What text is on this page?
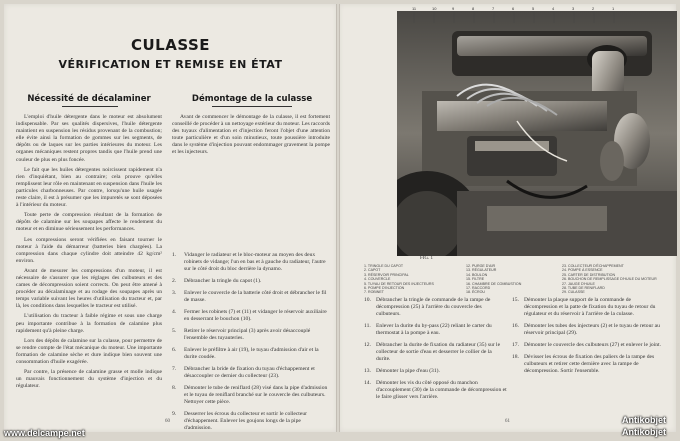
CULASSE
VÉRIFICATION ET REMISE EN ÉTAT
Nécessité de décalaminer	Démontage de la culasse

L'emploi d'huile détergente dans le moteur est absolument indispensable. Par ses qualités dispersives, l'huile détergente maintient en suspension les résidus provenant de la combustion; elle évite ainsi la formation de gommes sur les segments, de dépôts ou de laques sur les parties intérieures du moteur. Les organes mécaniques restent propres tandis que l'huile prend une couleur de plus en plus foncée.

Le fait que les huiles détergentes noircissent rapidement n'a rien d'inquiétant, bien au contraire; cela prouve qu'elles remplissent leur rôle en maintenant en suspension dans l'huile les particules charbonneuses. Par contre, lorsqu'une huile usagée reste claire, il est à présumer que les impuretés se sont déposées à l'intérieur du moteur.

Toute perte de compression résultant de la formation de dépôts de calamine sur les soupapes affecte le rendement du moteur et en diminue sérieusement les performances.

Les compressions seront vérifiées en faisant tourner le moteur à l'aide du démarreur (batteries bien chargées). La compression dans chaque cylindre doit atteindre 42 kg/cm² environ.

Avant de mesurer les compressions d'un moteur, il est nécessaire de s'assurer que les réglages des culbuteurs et des cames de décompression soient corrects. On peut être amené à procéder au décalaminage et au rodage des soupapes après un temps variable suivant les heures d'utilisation du tracteur et, par là, les conditions dans lesquelles le tracteur est utilisé.

L'utilisation du tracteur à faible régime et sous une charge peu importante contribue à la formation de calamine plus rapidement qu'à pleine charge.

Lors des dépôts de calamine sur la culasse, pour permettre de se rendre compte de l'état mécanique du moteur. Une importante formation de calamine sèche et dure indique bien souvent une consommation d'huile exagérée.

Par contre, la présence de calamine grasse et molle indique un mauvais fonctionnement du système d'injection et du régulateur.

Avant de commencer le démontage de la culasse, il est fortement conseillé de procéder à un nettoyage extérieur du moteur. Les raccords des tuyaux d'alimentation et d'injection feront l'objet d'une attention toute particulière et d'un soin minutieux, toute poussière introduite dans le système d'injection pouvant endommager gravement la pompe et les injecteurs.

1.	Vidanger le radiateur et le bloc-moteur au moyen des deux robinets de vidange; l'un en bas et à gauche du radiateur, l'autre sur le côté droit du bloc derrière la dynamo.
2.	Débrancher la tringle du capot (1).
3.	Enlever le couvercle de la batterie côté droit et débrancher le fil de masse.
4.	Fermer les robinets (7) et (11) et vidanger le réservoir auxiliaire en desserrant le bouchon (10).
5.	Retirer le réservoir principal (3) après avoir désaccouplé l'ensemble des tuyauteries.
6.	Enlever le préfiltre à air (19), le tuyau d'admission d'air et la durite coudée.
7.	Débrancher la bride de fixation du tuyau d'échappement et désaccoupler ce dernier du collecteur (23).
8.	Démonter le tube de reniflard (28) visé dans la pipe d'admission et le tuyau de reniflard branché sur le couvercle des culbuteurs. Nettoyer cette pièce.
9.	Desserrer les écrous du collecteur et sortir le collecteur d'échappement. Enlever les goujons longs de la pipe d'admission.
60
11	10	9	8	7	6	5	4	3	2	1
FIG. 1
1. TRINGLE DU CAPOT
2. CAPOT
3. RÉSERVOIR PRINCIPAL
4. COUVERCLE
5. TUYAU DE RETOUR DES INJECTEURS
6. POMPE D'INJECTION
7. ROBINET
12. PURGE D'AIR
13. RÉGULATEUR
14. BOULON
15. FILTRE
16. CHAMBRE DE COMBUSTION
17. RACCORD
18. ÉCROU
23. COLLECTEUR D'ÉCHAPPEMENT
24. POMPE À ESSENCE
25. CARTER DE DISTRIBUTION
26. BOUCHON DE REMPLISSAGE D'HUILE DU MOTEUR
27. JAUGE D'HUILE
28. TUBE DE RENIFLARD
29. CULASSE
10. Débrancher la tringle de commande de la rampe de décompression (25) à l'arrière du couvercle des culbuteurs.
11. Enlever la durite du by-pass (22) reliant le carter du thermostat à la pompe à eau.
12. Débrancher la durite de fixation du radiateur (35) sur le collecteur de sortie d'eau et desserrer le collier de la durite.
13. Démonter la pipe d'eau (31).
14. Démonter les vis du côté opposé du manchon d'accouplement (30) de la commande de décompression et le faire glisser vers l'arrière.
15. Démonter la plaque support de la commande de décompression et la patte de fixation du tuyau de retour du régulateur et du réservoir à l'arrière de la culasse.
16. Démonter les tubes des injecteurs (2) et le tuyau de retour au réservoir principal (29).
17. Démonter le couvercle des culbuteurs (27) et enlever le joint.
18. Dévisser les écrous de fixation des paliers de la rampe des culbuteurs et retirer cette dernière avec la rampe de décompression. Sortir l'ensemble.
61
www.delcampe.net
Antikobjet
Antikobjet
